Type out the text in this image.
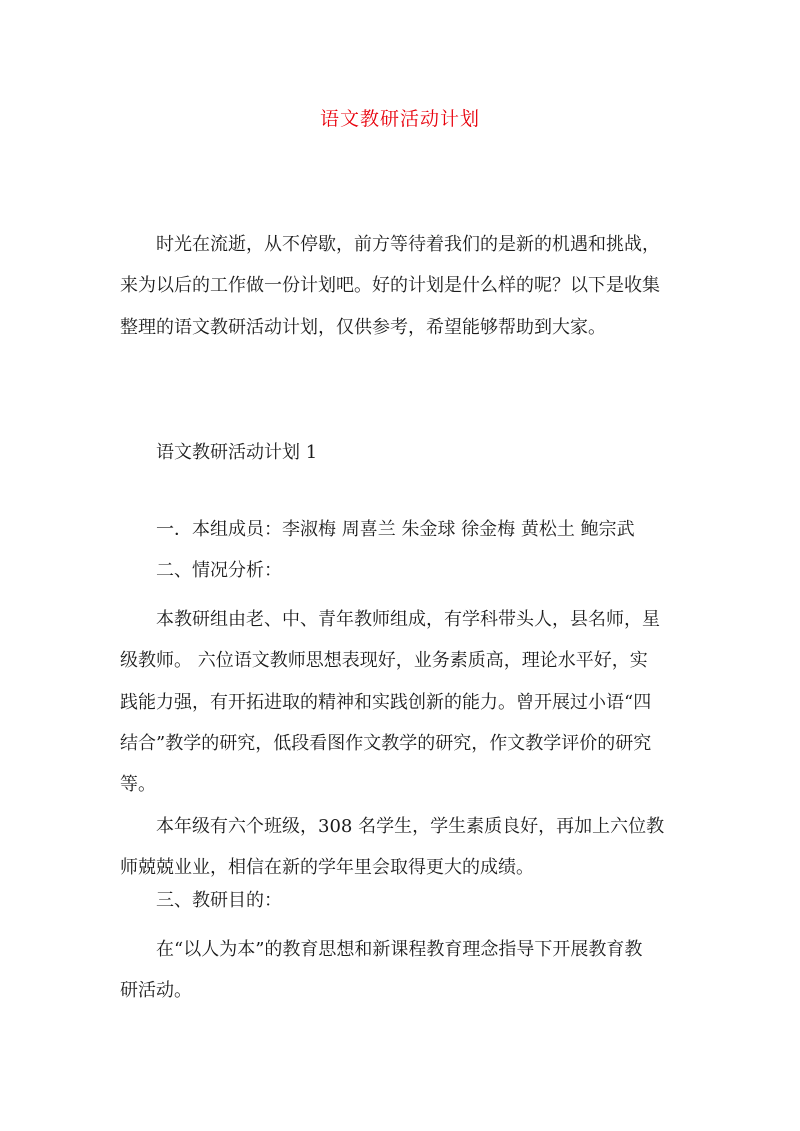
语文教研活动计划
时光在流逝，从不停歇，前方等待着我们的是新的机遇和挑战，
来为以后的工作做一份计划吧。好的计划是什么样的呢？以下是收集
整理的语文教研活动计划，仅供参考，希望能够帮助到大家。
语文教研活动计划 1
一．本组成员：李淑梅 周喜兰 朱金球 徐金梅 黄松土 鲍宗武
二、情况分析：
本教研组由老、中、青年教师组成，有学科带头人，县名师，星
级教师。 六位语文教师思想表现好，业务素质高，理论水平好，实
践能力强，有开拓进取的精神和实践创新的能力。曾开展过小语“四
结合”教学的研究，低段看图作文教学的研究，作文教学评价的研究
等。
本年级有六个班级，308 名学生，学生素质良好，再加上六位教
师兢兢业业，相信在新的学年里会取得更大的成绩。
三、教研目的：
在“以人为本”的教育思想和新课程教育理念指导下开展教育教
研活动。
